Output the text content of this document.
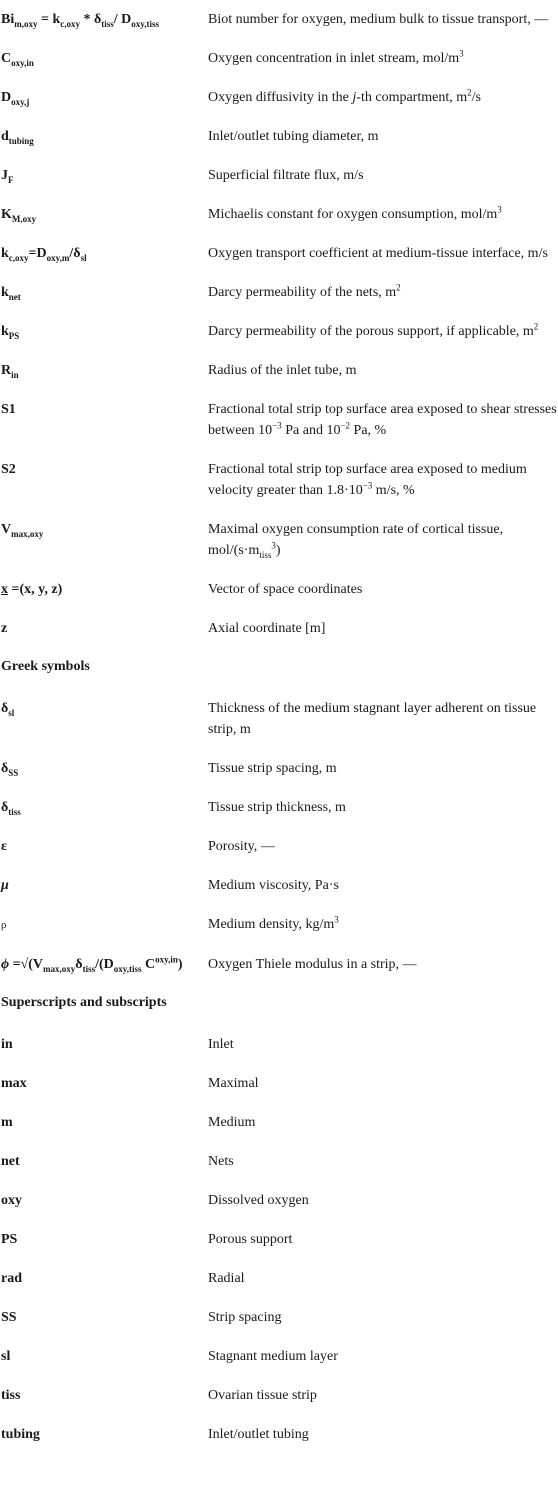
$Bi_{m,oxy} = k_{c,oxy} * \delta_{tiss}/$ $D_{oxy,tiss}$	Biot number for oxygen, medium bulk to tissue transport, —
$C_{oxy,in}$	Oxygen concentration in inlet stream, mol/$m^3$
$D_{oxy,j}$	Oxygen diffusivity in the j-th compartment, $m^2/s$
$d_{tubing}$	Inlet/outlet tubing diameter, m
$J_F$	Superficial filtrate flux, m/s
$K_{M,oxy}$	Michaelis constant for oxygen consumption, mol/$m^3$
$k_{c,oxy}=D_{oxy,m}/\delta_{sl}$	Oxygen transport coefficient at medium-tissue interface, m/s
$k_{net}$	Darcy permeability of the nets, $m^2$
$k_{PS}$	Darcy permeability of the porous support, if applicable, $m^2$
$R_{in}$	Radius of the inlet tube, m
S1	Fractional total strip top surface area exposed to shear stresses between $10^{-3}$ Pa and $10^{-2}$ Pa, %
S2	Fractional total strip top surface area exposed to medium velocity greater than $1.8\cdot 10^{-3}$ m/s, %
$V_{max,oxy}$	Maximal oxygen consumption rate of cortical tissue, mol/$(s\cdot m_{tiss}^3)$
x =(x, y, z)	Vector of space coordinates
z	Axial coordinate [m]
Greek symbols
$\delta_{sl}$	Thickness of the medium stagnant layer adherent on tissue strip, m
$\delta_{SS}$	Tissue strip spacing, m
$\delta_{tiss}$	Tissue strip thickness, m
ε	Porosity, —
μ	Medium viscosity, Pa·s
ρ	Medium density, $kg/m^3$
$\phi =√(V_{max,oxy}\delta_{tiss}/(D_{oxy,tiss}$ $C^{oxy,in}$)	Oxygen Thiele modulus in a strip, —
Superscripts and subscripts
in	Inlet
max	Maximal
m	Medium
net	Nets
oxy	Dissolved oxygen
PS	Porous support
rad	Radial
SS	Strip spacing
sl	Stagnant medium layer
tiss	Ovarian tissue strip
tubing	Inlet/outlet tubing
